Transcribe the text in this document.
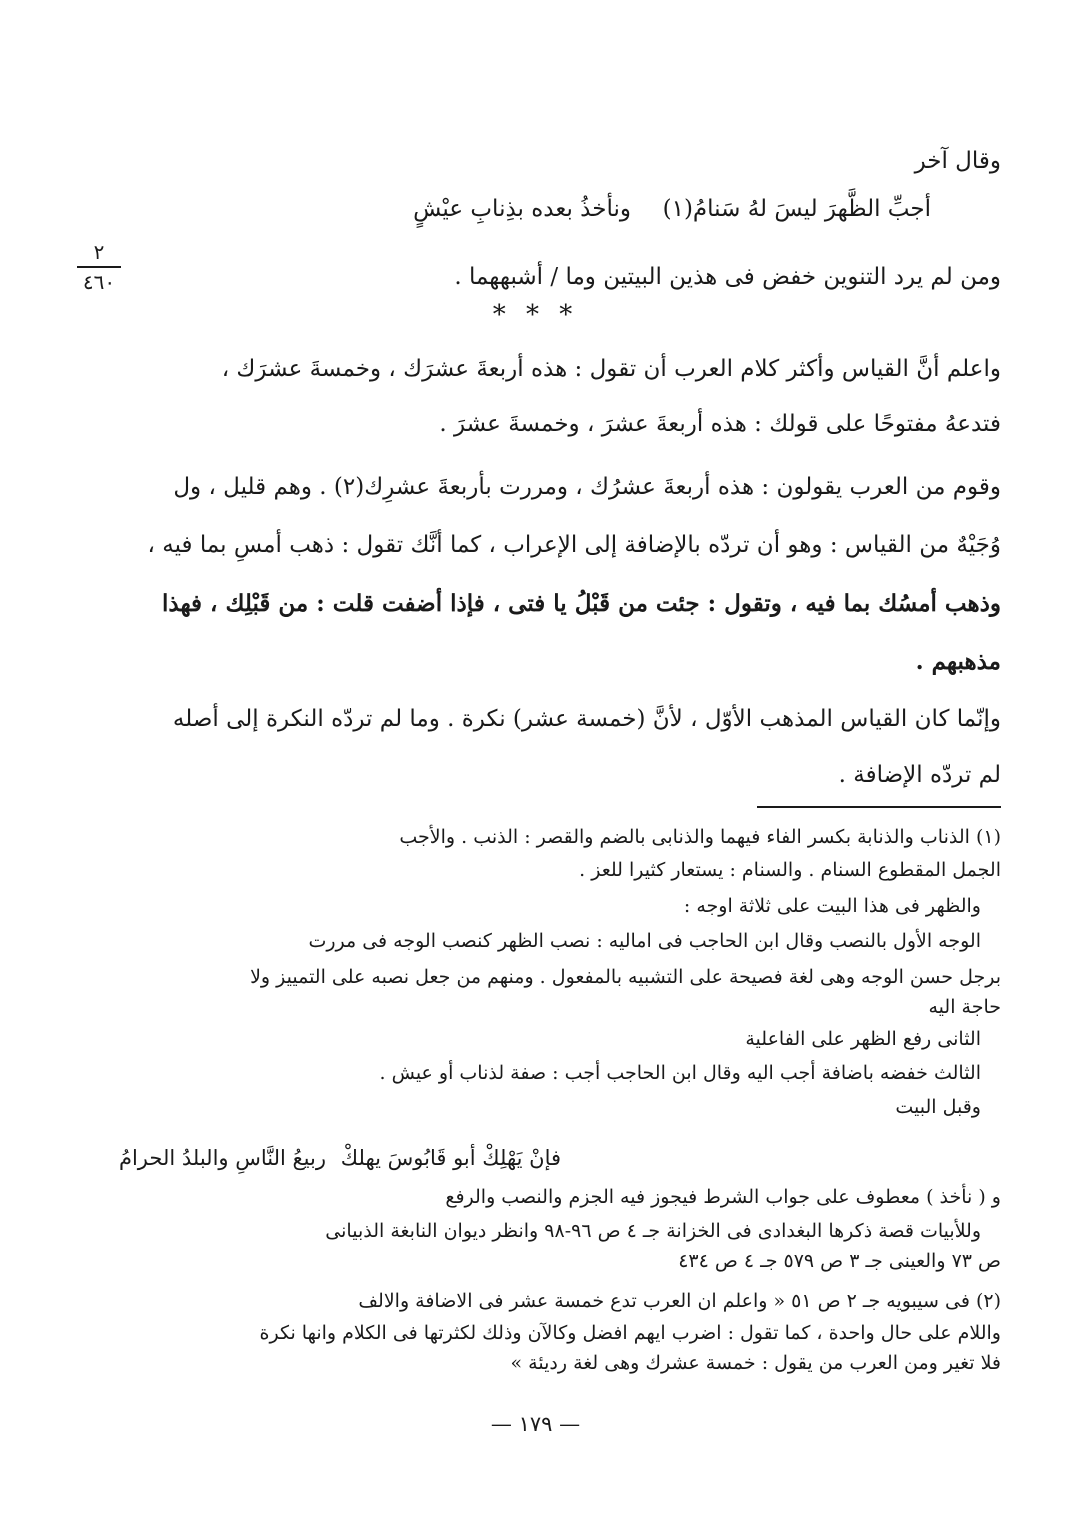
وقال آخر
ونأخذُ بعده بذِنابِ عيْشٍ أجبِّ الظَّهرَ ليسَ لهُ سَنامُ(١)
٢
٤٦٠	ومن لم يرد التنوين خفض فى هذين البيتين وما / أشبههما .
* * *
واعلم أنَّ القياس وأكثر كلام العرب أن تقول : هذه أربعةَ عشرَك ، وخمسةَ عشرَك ،
فتدعهُ مفتوحًا على قولك : هذه أربعةَ عشرَ ، وخمسةَ عشرَ .
وقوم من العرب يقولون : هذه أربعةَ عشرُك ، ومررت بأربعةَ عشرِك(٢) . وهم قليل ، ول
وُجَيْهٌ من القياس : وهو أن تردّه بالإضافة إلى الإعراب ، كما أنَّك تقول : ذهب أمسِ بما فيه ،
وذهب أمسُك بما فيه ، وتقول : جئت من قَبْلُ يا فتى ، فإذا أضفت قلت : من قَبْلِك ، فهذا
مذهبهم .
وإنّما كان القياس المذهب الأوّل ، لأنَّ (خمسة عشر) نكرة . وما لم تردّه النكرة إلى أصله
لم تردّه الإضافة .
(١) الذناب والذنابة بكسر الفاء فيهما والذنابى بالضم والقصر : الذنب . والأجب
الجمل المقطوع السنام . والسنام : يستعار كثيرا للعز .
والظهر فى هذا البيت على ثلاثة اوجه :
الوجه الأول بالنصب وقال ابن الحاجب فى اماليه : نصب الظهر كنصب الوجه فى مررت
برجل حسن الوجه وهى لغة فصيحة على التشبيه بالمفعول . ومنهم من جعل نصبه على التمييز ولا
حاجة اليه
الثانى رفع الظهر على الفاعلية
الثالث خفضه باضافة أجب اليه وقال ابن الحاجب أجب : صفة لذناب أو عيش .
وقبل البيت
فإنْ يَهْلِكْ أبو قَابُوسَ يهلكْ
ربيعُ النَّاسِ والبلدُ الحرامُ
و ( نأخذ ) معطوف على جواب الشرط فيجوز فيه الجزم والنصب والرفع
وللأبيات قصة ذكرها البغدادى فى الخزانة جـ ٤ ص ٩٦-٩٨ وانظر ديوان النابغة الذبيانى
ص ٧٣ والعينى جـ ٣ ص ٥٧٩ جـ ٤ ص ٤٣٤
(٢) فى سيبويه جـ ٢ ص ٥١ « واعلم ان العرب تدع خمسة عشر فى الاضافة والالف
واللام على حال واحدة ، كما تقول : اضرب ايهم افضل وكالآن وذلك لكثرتها فى الكلام وانها نكرة
فلا تغير ومن العرب من يقول : خمسة عشرك وهى لغة رديئة »
— ١٧٩ —
